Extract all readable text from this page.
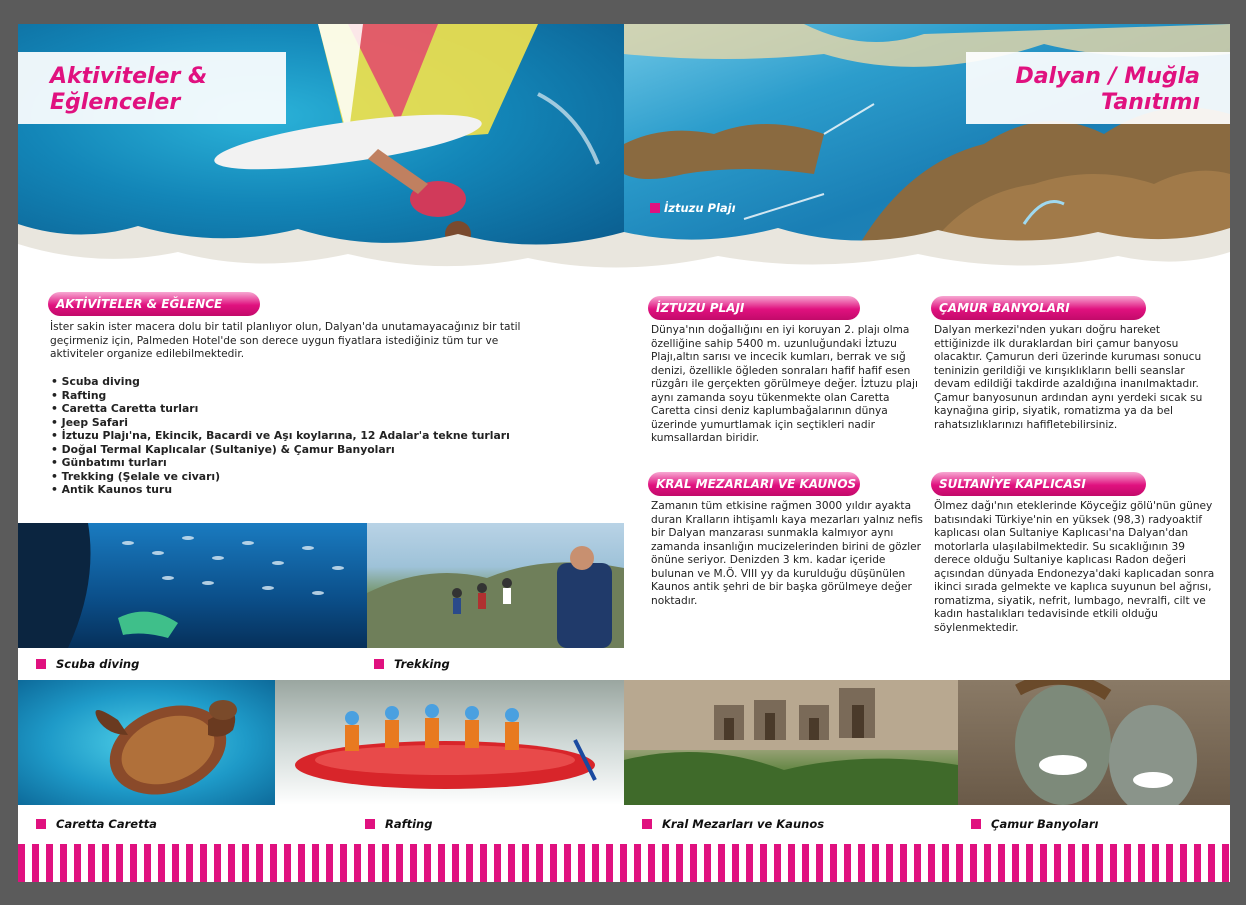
Aktiviteler &

Eğlenceler

Dalyan / Muğla

Tanıtımı

İztuzu Plajı
AKTİVİTELER & EĞLENCE

İster sakin ister macera dolu bir tatil planlıyor olun, Dalyan'da unutamayacağınız bir tatil geçirmeniz için, Palmeden Hotel'de son derece uygun fiyatlara istediğiniz tüm tur ve aktiviteler organize edilebilmektedir.

• Scuba diving
• Rafting
• Caretta Caretta turları
• Jeep Safari
• İztuzu Plajı'na, Ekincik, Bacardi ve Aşı koylarına, 12 Adalar'a tekne turları
• Doğal Termal Kaplıcalar (Sultaniye) & Çamur Banyoları
• Günbatımı turları
• Trekking (Şelale ve civarı)
• Antik Kaunos turu
İZTUZU PLAJI

Dünya'nın doğallığını en iyi koruyan 2. plajı olma özelliğine sahip 5400 m. uzunluğundaki İztuzu Plajı,altın sarısı ve incecik kumları, berrak ve sığ denizi, özellikle öğleden sonraları hafif hafif esen rüzgârı ile gerçekten görülmeye değer. İztuzu plajı aynı zamanda soyu tükenmekte olan Caretta Caretta cinsi deniz kaplumbağalarının dünya üzerinde yumurtlamak için seçtikleri nadir kumsallardan biridir.

ÇAMUR BANYOLARI

Dalyan merkezi'nden yukarı doğru hareket ettiğinizde ilk duraklardan biri çamur banyosu olacaktır. Çamurun deri üzerinde kuruması sonucu teninizin gerildiği ve kırışıklıkların belli seanslar devam edildiği takdirde azaldığına inanılmaktadır. Çamur banyosunun ardından aynı yerdeki sıcak su kaynağına girip, siyatik, romatizma ya da bel rahatsızlıklarınızı hafifletebilirsiniz.

KRAL MEZARLARI VE KAUNOS

Zamanın tüm etkisine rağmen 3000 yıldır ayakta duran Kralların ihtişamlı kaya mezarları yalnız nefis bir Dalyan manzarası sunmakla kalmıyor aynı zamanda insanlığın mucizelerinden birini de gözler önüne seriyor. Denizden 3 km. kadar içeride bulunan ve M.Ö. VIII yy da kurulduğu düşünülen Kaunos antik şehri de bir başka görülmeye değer noktadır.

SULTANİYE KAPLICASI

Ölmez dağı'nın eteklerinde Köyceğiz gölü'nün güney batısındaki Türkiye'nin en yüksek (98,3) radyoaktif kaplıcası olan Sultaniye Kaplıcası'na Dalyan'dan motorlarla ulaşılabilmektedir. Su sıcaklığının 39 derece olduğu Sultaniye kaplıcası Radon değeri açısından dünyada Endonezya'daki kaplıcadan sonra ikinci sırada gelmekte ve kaplıca suyunun bel ağrısı, romatizma, siyatik, nefrit, lumbago, nevralfi, cilt ve kadın hastalıkları tedavisinde etkili olduğu söylenmektedir.

Scuba diving	Trekking
Caretta Caretta	Rafting	Kral Mezarları ve Kaunos	Çamur Banyoları
